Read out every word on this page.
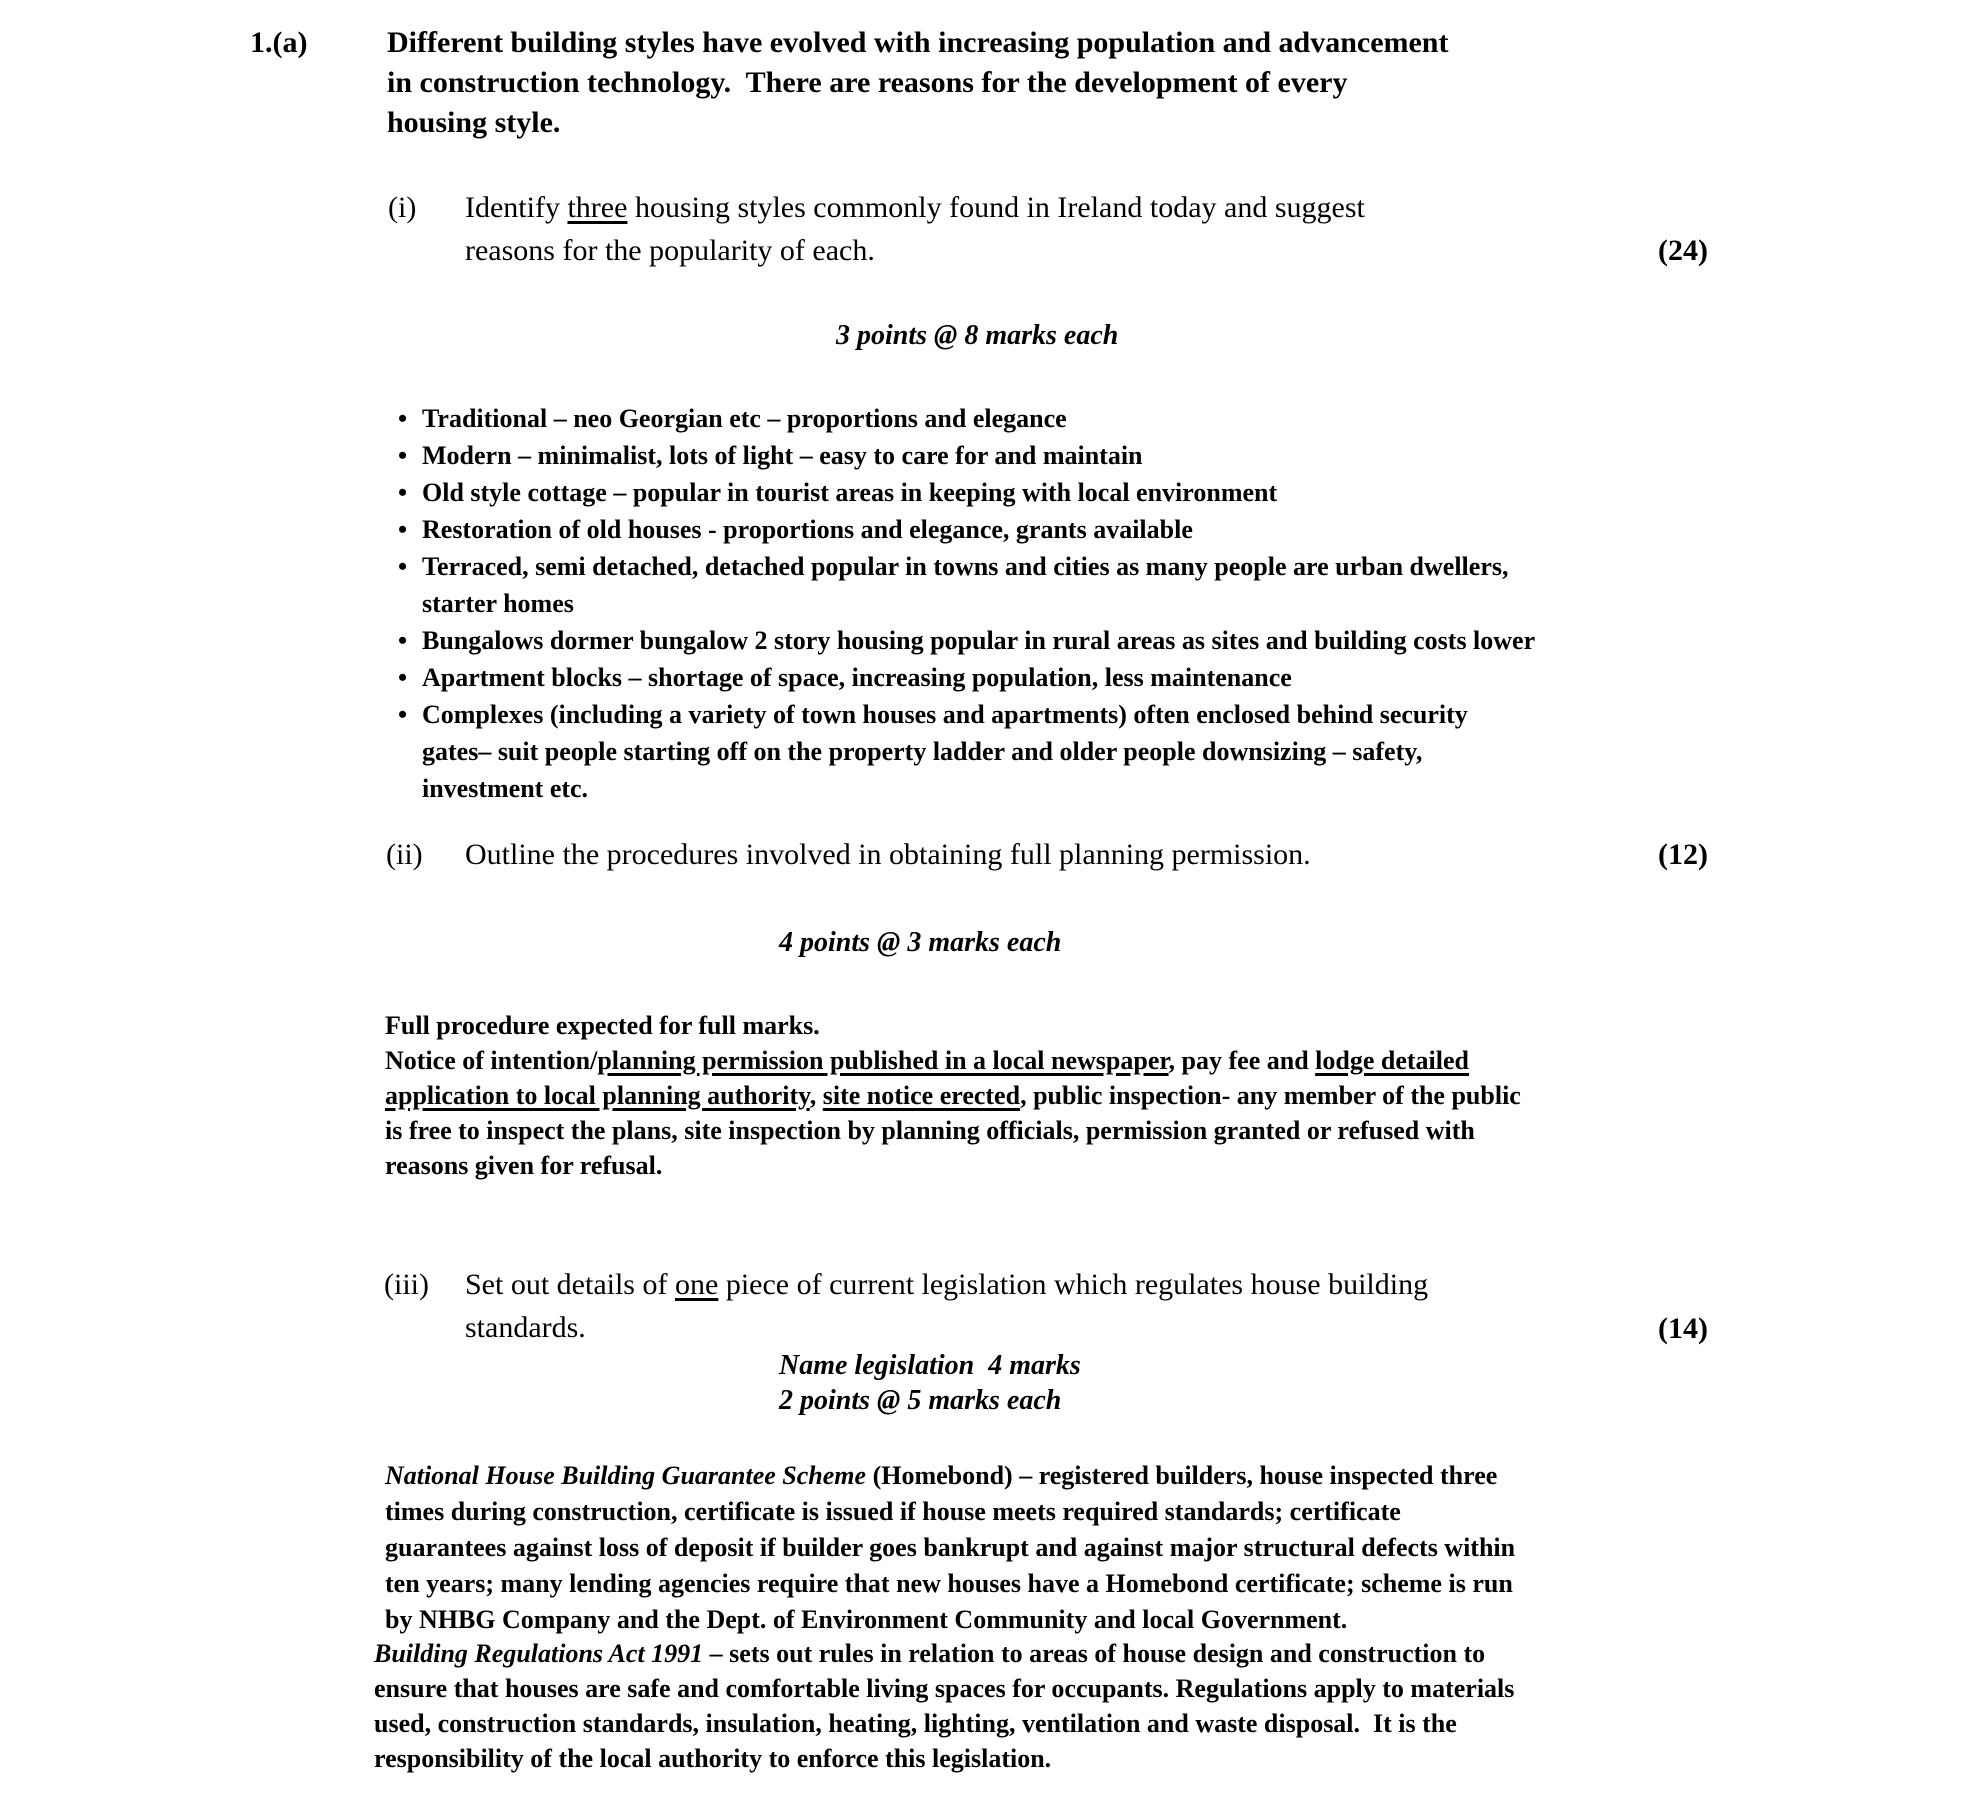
1.(a)	Different building styles have evolved with increasing population and advancement
in construction technology.  There are reasons for the development of every
housing style.
(i) Identify three housing styles commonly found in Ireland today and suggest
reasons for the popularity of each.	(24)
3 points @ 8 marks each
• Traditional – neo Georgian etc – proportions and elegance
• Modern – minimalist, lots of light – easy to care for and maintain
• Old style cottage – popular in tourist areas in keeping with local environment
• Restoration of old houses - proportions and elegance, grants available
• Terraced, semi detached, detached popular in towns and cities as many people are urban dwellers,
starter homes
• Bungalows dormer bungalow 2 story housing popular in rural areas as sites and building costs lower
• Apartment blocks – shortage of space, increasing population, less maintenance
• Complexes (including a variety of town houses and apartments) often enclosed behind security
gates– suit people starting off on the property ladder and older people downsizing – safety,
investment etc.
(ii) Outline the procedures involved in obtaining full planning permission.	(12)
4 points @ 3 marks each
Full procedure expected for full marks.
Notice of intention/planning permission published in a local newspaper, pay fee and lodge detailed
application to local planning authority, site notice erected, public inspection- any member of the public
is free to inspect the plans, site inspection by planning officials, permission granted or refused with
reasons given for refusal.
(iii) Set out details of one piece of current legislation which regulates house building
standards.	(14)
Name legislation  4 marks
2 points @ 5 marks each
National House Building Guarantee Scheme (Homebond) – registered builders, house inspected three
times during construction, certificate is issued if house meets required standards; certificate
guarantees against loss of deposit if builder goes bankrupt and against major structural defects within
ten years; many lending agencies require that new houses have a Homebond certificate; scheme is run
by NHBG Company and the Dept. of Environment Community and local Government.
Building Regulations Act 1991 – sets out rules in relation to areas of house design and construction to
ensure that houses are safe and comfortable living spaces for occupants. Regulations apply to materials
used, construction standards, insulation, heating, lighting, ventilation and waste disposal.  It is the
responsibility of the local authority to enforce this legislation.
